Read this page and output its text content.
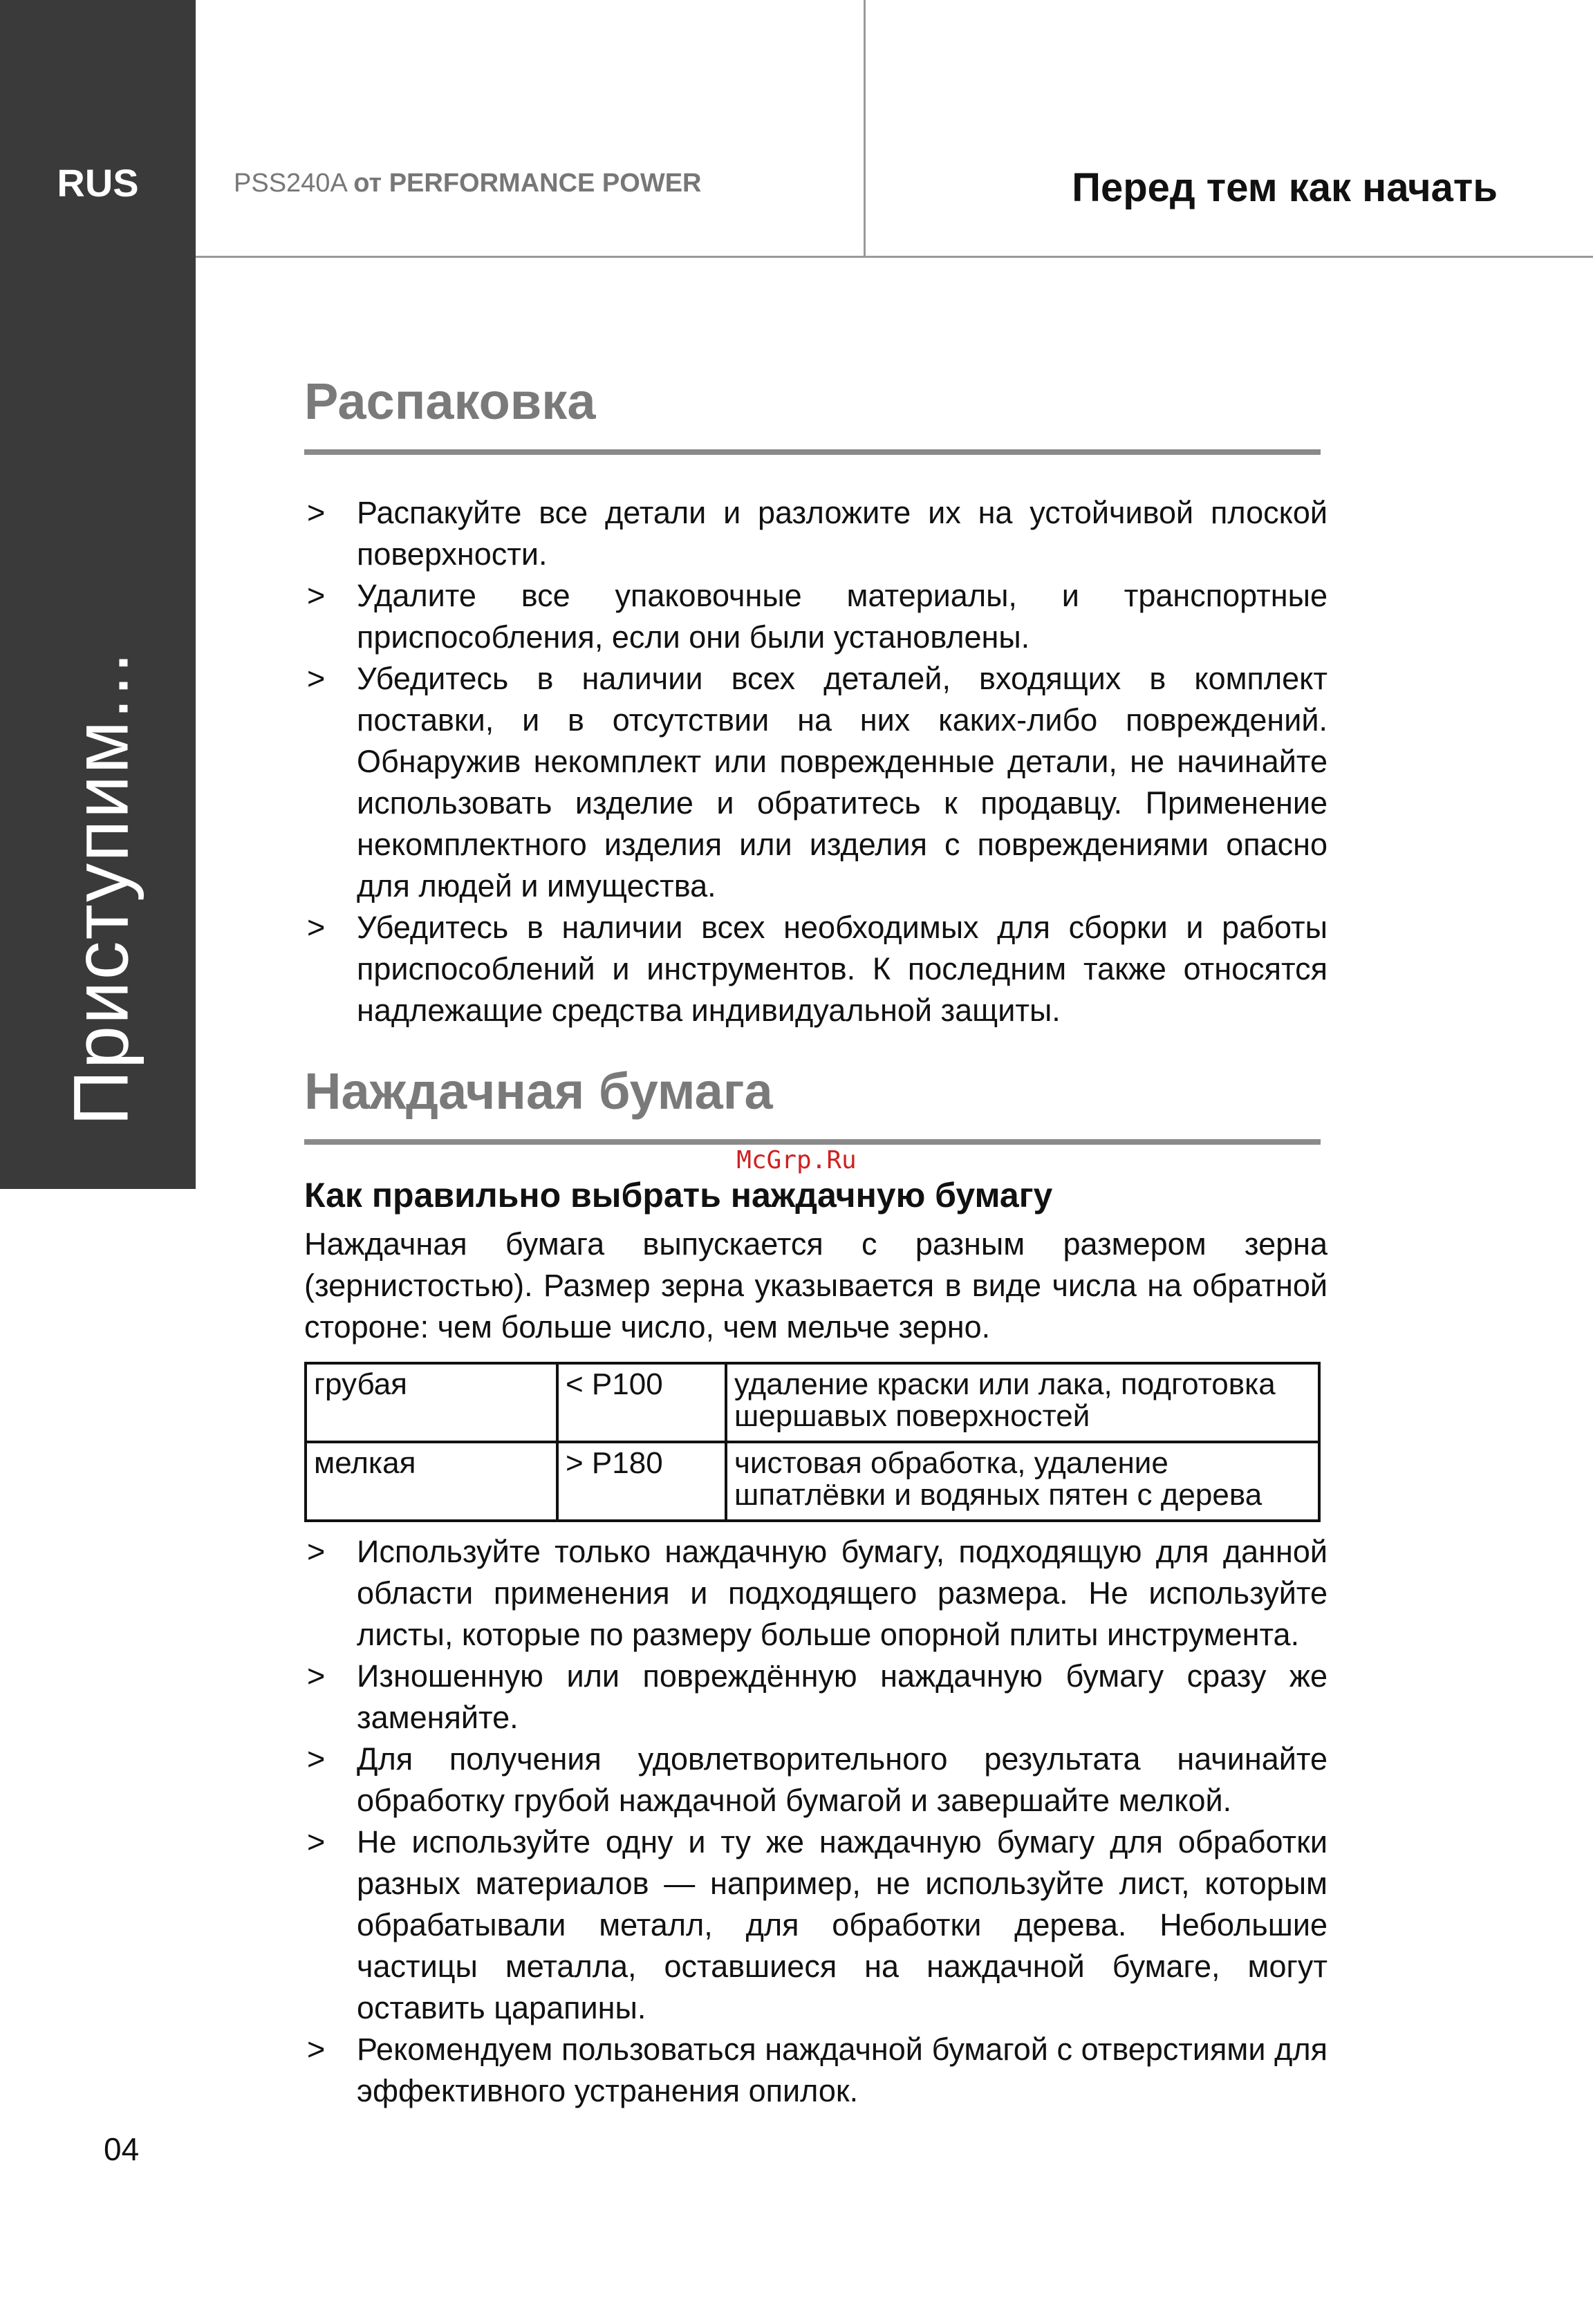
RUS
Приступим...
PSS240A от PERFORMANCE POWER	Перед тем как начать
Распаковка
> Распакуйте все детали и разложите их на устойчивой плоской поверхности.
> Удалите все упаковочные материалы, и транспортные приспособления, если они были установлены.
> Убедитесь в наличии всех деталей, входящих в комплект поставки, и в отсутствии на них каких-либо повреждений. Обнаружив некомплект или поврежденные детали, не начинайте использовать изделие и обратитесь к продавцу. Применение некомплектного изделия или изделия с повреждениями опасно для людей и имущества.
> Убедитесь в наличии всех необходимых для сборки и работы приспособлений и инструментов. К последним также относятся надлежащие средства индивидуальной защиты.
Наждачная бумага
McGrp.Ru
Как правильно выбрать наждачную бумагу

Наждачная бумага выпускается с разным размером зерна (зернистостью). Размер зерна указывается в виде числа на обратной стороне: чем больше число, чем мельче зерно.

грубая	< P100	удаление краски или лака, подготовка шершавых поверхностей
мелкая	> P180	чистовая обработка, удаление шпатлёвки и водяных пятен с дерева
> Используйте только наждачную бумагу, подходящую для данной области применения и подходящего размера. Не используйте листы, которые по размеру больше опорной плиты инструмента.
> Изношенную или повреждённую наждачную бумагу сразу же заменяйте.
> Для получения удовлетворительного результата начинайте обработку грубой наждачной бумагой и завершайте мелкой.
> Не используйте одну и ту же наждачную бумагу для обработки разных материалов — например, не используйте лист, которым обрабатывали металл, для обработки дерева. Небольшие частицы металла, оставшиеся на наждачной бумаге, могут оставить царапины.
> Рекомендуем пользоваться наждачной бумагой с отверстиями для эффективного устранения опилок.
04
